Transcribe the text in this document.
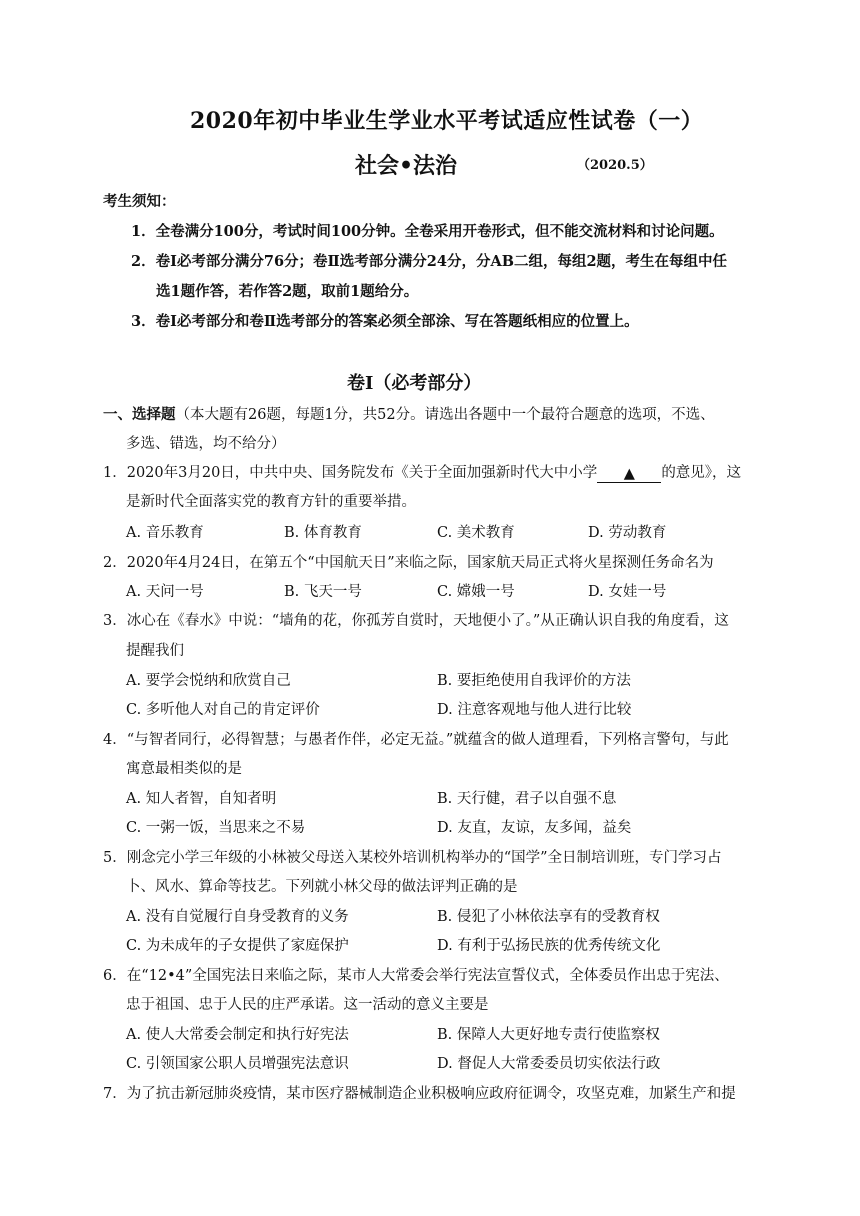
2020年初中毕业生学业水平考试适应性试卷（一）
社会•法治	（2020.5）
考生须知：
1．全卷满分100分，考试时间100分钟。全卷采用开卷形式，但不能交流材料和讨论问题。
2．卷Ⅰ必考部分满分76分；卷Ⅱ选考部分满分24分，分AB二组，每组2题，考生在每组中任
选1题作答，若作答2题，取前1题给分。
3．卷Ⅰ必考部分和卷Ⅱ选考部分的答案必须全部涂、写在答题纸相应的位置上。
卷Ⅰ（必考部分）
一、选择题（本大题有26题，每题1分，共52分。请选出各题中一个最符合题意的选项，不选、
多选、错选，均不给分）
1．2020年3月20日，中共中央、国务院发布《关于全面加强新时代大中小学 ▲ 的意见》，这
是新时代全面落实党的教育方针的重要举措。
A. 音乐教育	B. 体育教育	C. 美术教育	D. 劳动教育
2．2020年4月24日，在第五个“中国航天日”来临之际，国家航天局正式将火星探测任务命名为
A. 天问一号	B. 飞天一号	C. 嫦娥一号	D. 女娃一号
3．冰心在《春水》中说：“墙角的花，你孤芳自赏时，天地便小了。”从正确认识自我的角度看，这
提醒我们
A. 要学会悦纳和欣赏自己	B. 要拒绝使用自我评价的方法
C. 多听他人对自己的肯定评价	D. 注意客观地与他人进行比较
4．“与智者同行，必得智慧；与愚者作伴，必定无益。”就蕴含的做人道理看，下列格言警句，与此
寓意最相类似的是
A. 知人者智，自知者明	B. 天行健，君子以自强不息
C. 一粥一饭，当思来之不易	D. 友直，友谅，友多闻，益矣
5．刚念完小学三年级的小林被父母送入某校外培训机构举办的“国学”全日制培训班，专门学习占
卜、风水、算命等技艺。下列就小林父母的做法评判正确的是
A. 没有自觉履行自身受教育的义务	B. 侵犯了小林依法享有的受教育权
C. 为未成年的子女提供了家庭保护	D. 有利于弘扬民族的优秀传统文化
6．在“12•4”全国宪法日来临之际，某市人大常委会举行宪法宣誓仪式，全体委员作出忠于宪法、
忠于祖国、忠于人民的庄严承诺。这一活动的意义主要是
A. 使人大常委会制定和执行好宪法	B. 保障人大更好地专责行使监察权
C. 引领国家公职人员增强宪法意识	D. 督促人大常委委员切实依法行政
7．为了抗击新冠肺炎疫情，某市医疗器械制造企业积极响应政府征调令，攻坚克难，加紧生产和提
